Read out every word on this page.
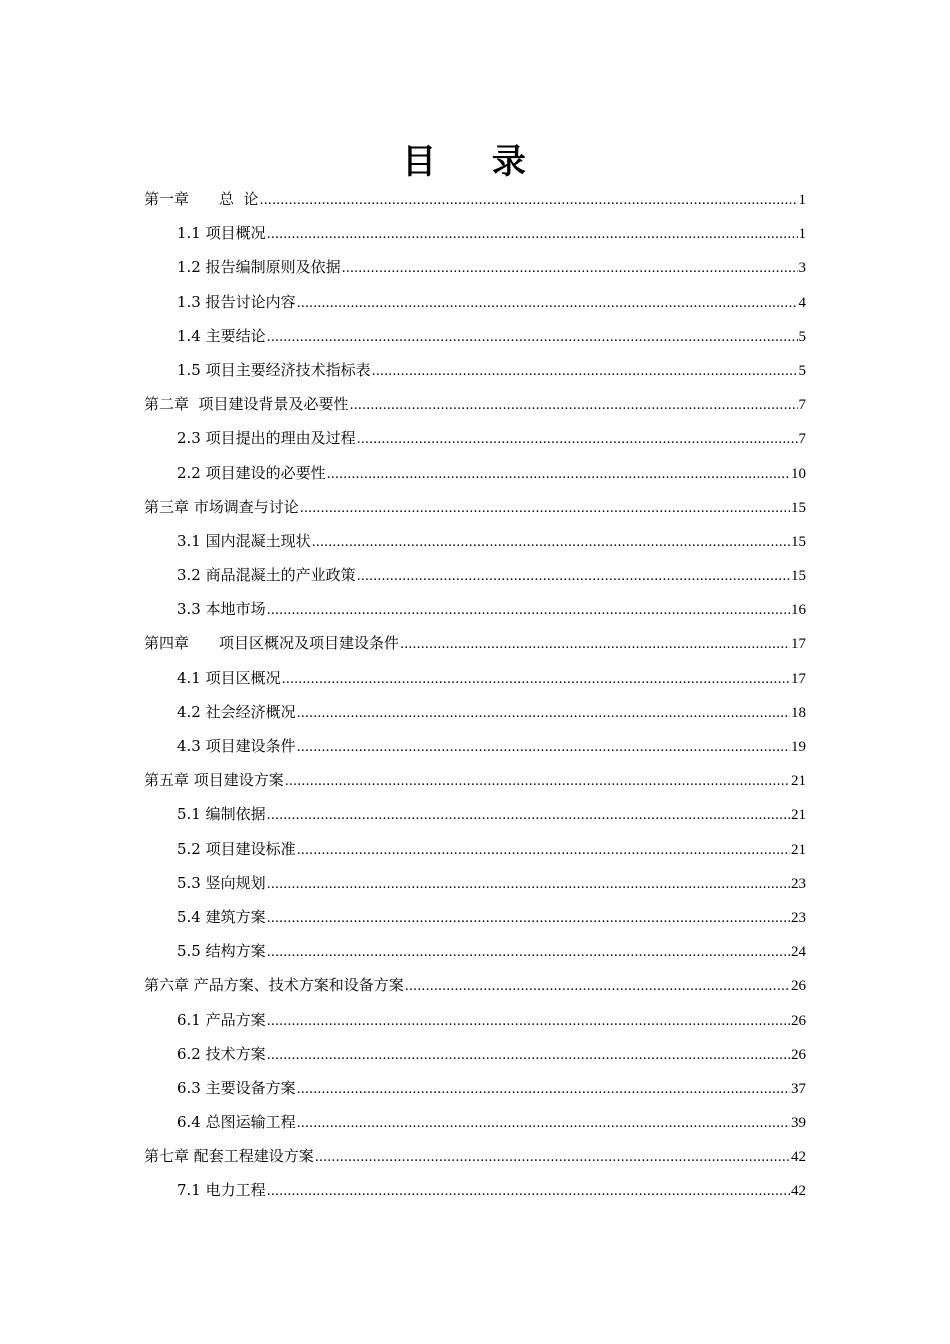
目 录
第一章　　总  论 .....	1
1.1 项目概况 .....	1
1.2 报告编制原则及依据 .....	3
1.3 报告讨论内容 .....	4
1.4 主要结论 .....	5
1.5 项目主要经济技术指标表 .....	5
第二章  项目建设背景及必要性 .....	7
2.3 项目提出的理由及过程 .....	7
2.2 项目建设的必要性 .....	10
第三章 市场调查与讨论 .....	15
3.1 国内混凝土现状 .....	15
3.2 商品混凝土的产业政策 .....	15
3.3 本地市场 .....	16
第四章　　项目区概况及项目建设条件 .....	17
4.1 项目区概况 .....	17
4.2 社会经济概况 .....	18
4.3 项目建设条件 .....	19
第五章 项目建设方案 .....	21
5.1 编制依据 .....	21
5.2 项目建设标准 .....	21
5.3 竖向规划 .....	23
5.4 建筑方案 .....	23
5.5 结构方案 .....	24
第六章 产品方案、技术方案和设备方案 .....	26
6.1 产品方案 .....	26
6.2 技术方案 .....	26
6.3 主要设备方案 .....	37
6.4 总图运输工程 .....	39
第七章 配套工程建设方案 .....	42
7.1 电力工程 .....	42
